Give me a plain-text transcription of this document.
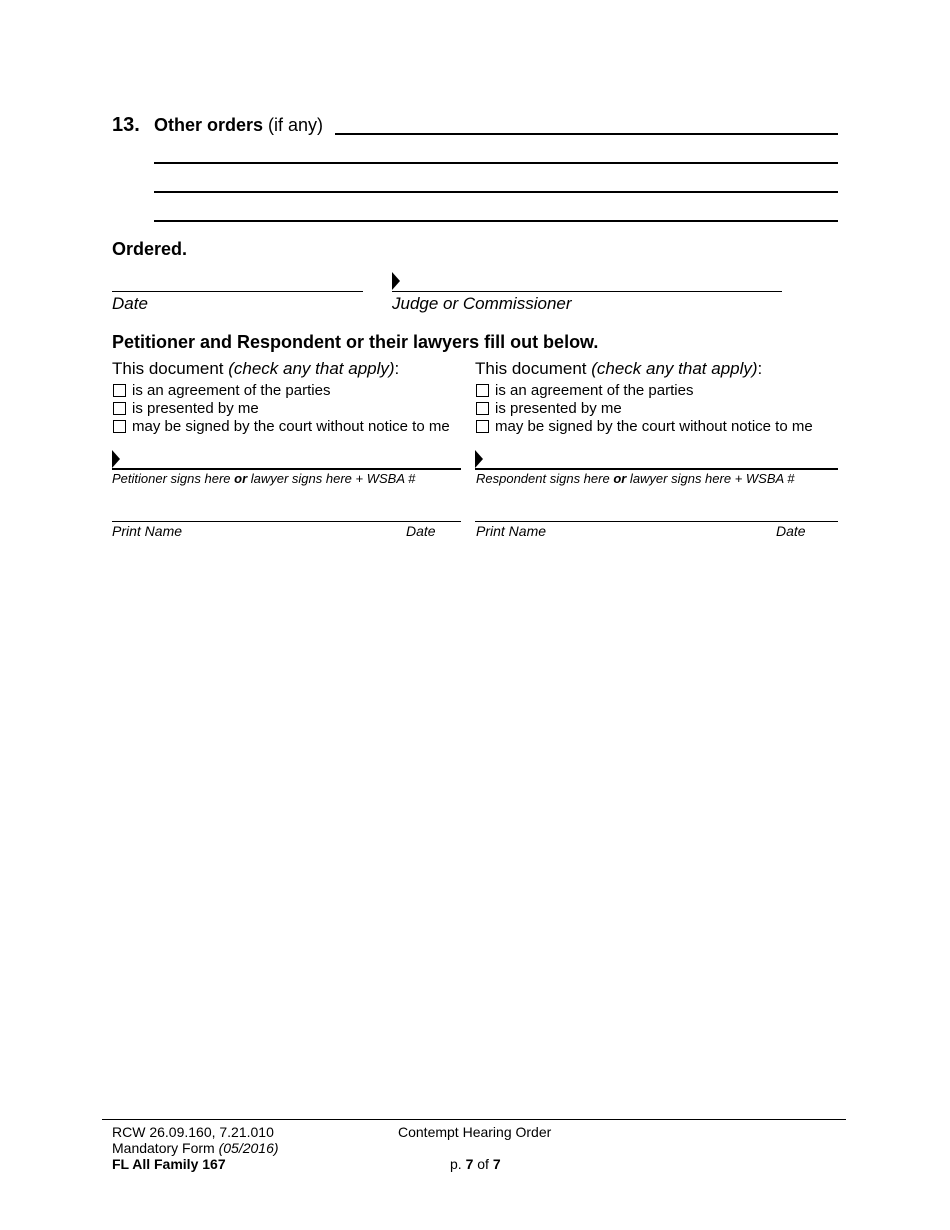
13. Other orders (if any)
Ordered.
Date	Judge or Commissioner
Petitioner and Respondent or their lawyers fill out below.
This document (check any that apply):
is an agreement of the parties
is presented by me
may be signed by the court without notice to me
Petitioner signs here or lawyer signs here + WSBA #
Print Name	Date
This document (check any that apply):
is an agreement of the parties
is presented by me
may be signed by the court without notice to me
Respondent signs here or lawyer signs here + WSBA #
Print Name	Date
RCW 26.09.160, 7.21.010
Mandatory Form (05/2016)
FL All Family 167
Contempt Hearing Order
p. 7 of 7
